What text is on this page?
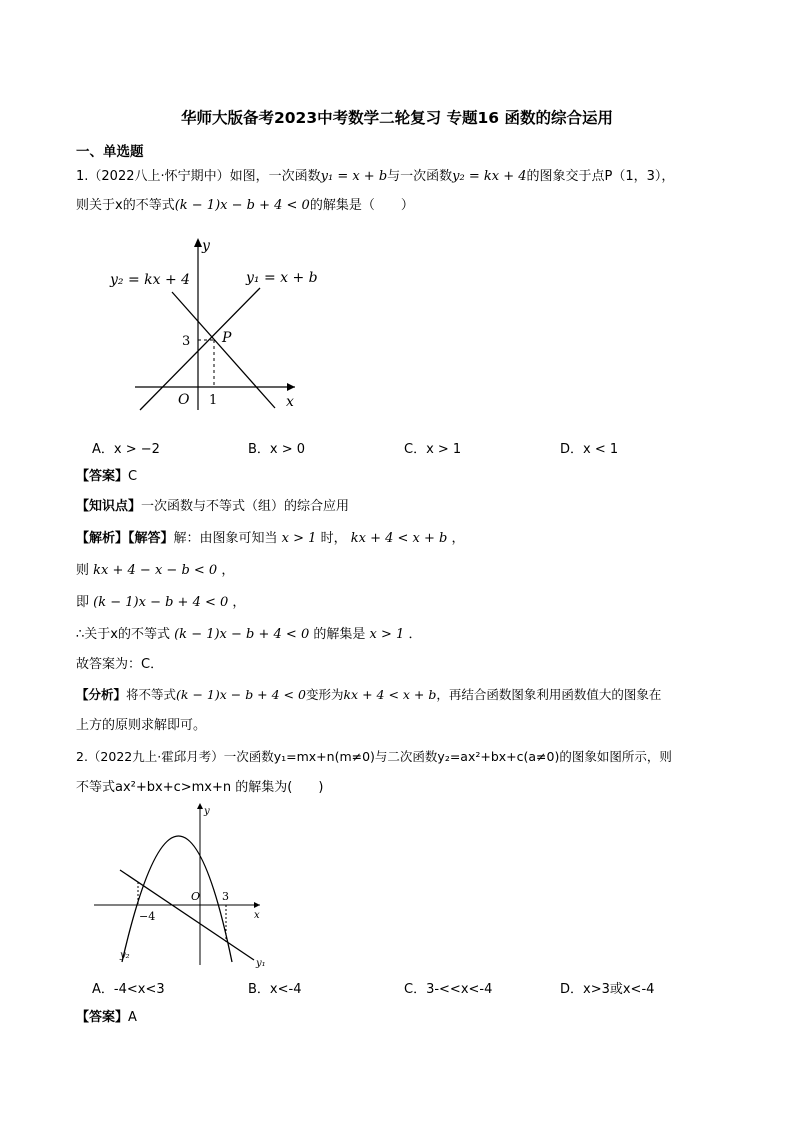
华师大版备考2023中考数学二轮复习 专题16 函数的综合运用
一、单选题
1.（2022八上·怀宁期中）如图，一次函数y₁ = x + b与一次函数y₂ = kx + 4的图象交于点P（1，3），
则关于x的不等式(k − 1)x − b + 4 < 0的解集是（　　）
y
x
O 1
3 P
y₂ = kx + 4	y₁ = x + b
A．x > −2	B．x > 0	C．x > 1	D．x < 1
【答案】C
【知识点】一次函数与不等式（组）的综合应用
【解析】【解答】解：由图象可知当 x > 1 时， kx + 4 < x + b ，
则 kx + 4 − x − b < 0 ，
即 (k − 1)x − b + 4 < 0 ，
∴关于x的不等式 (k − 1)x − b + 4 < 0 的解集是 x > 1 ．
故答案为：C．
【分析】将不等式(k − 1)x − b + 4 < 0变形为kx + 4 < x + b，再结合函数图象利用函数值大的图象在
上方的原则求解即可。
2.（2022九上·霍邱月考）一次函数y₁=mx+n(m≠0)与二次函数y₂=ax²+bx+c(a≠0)的图象如图所示，则
不等式ax²+bx+c>mx+n 的解集为(　　)
y
x
O
−4
3
y₂
y₁
A．-4<x<3	B．x<-4	C．3-<<x<-4	D．x>3或x<-4
【答案】A
